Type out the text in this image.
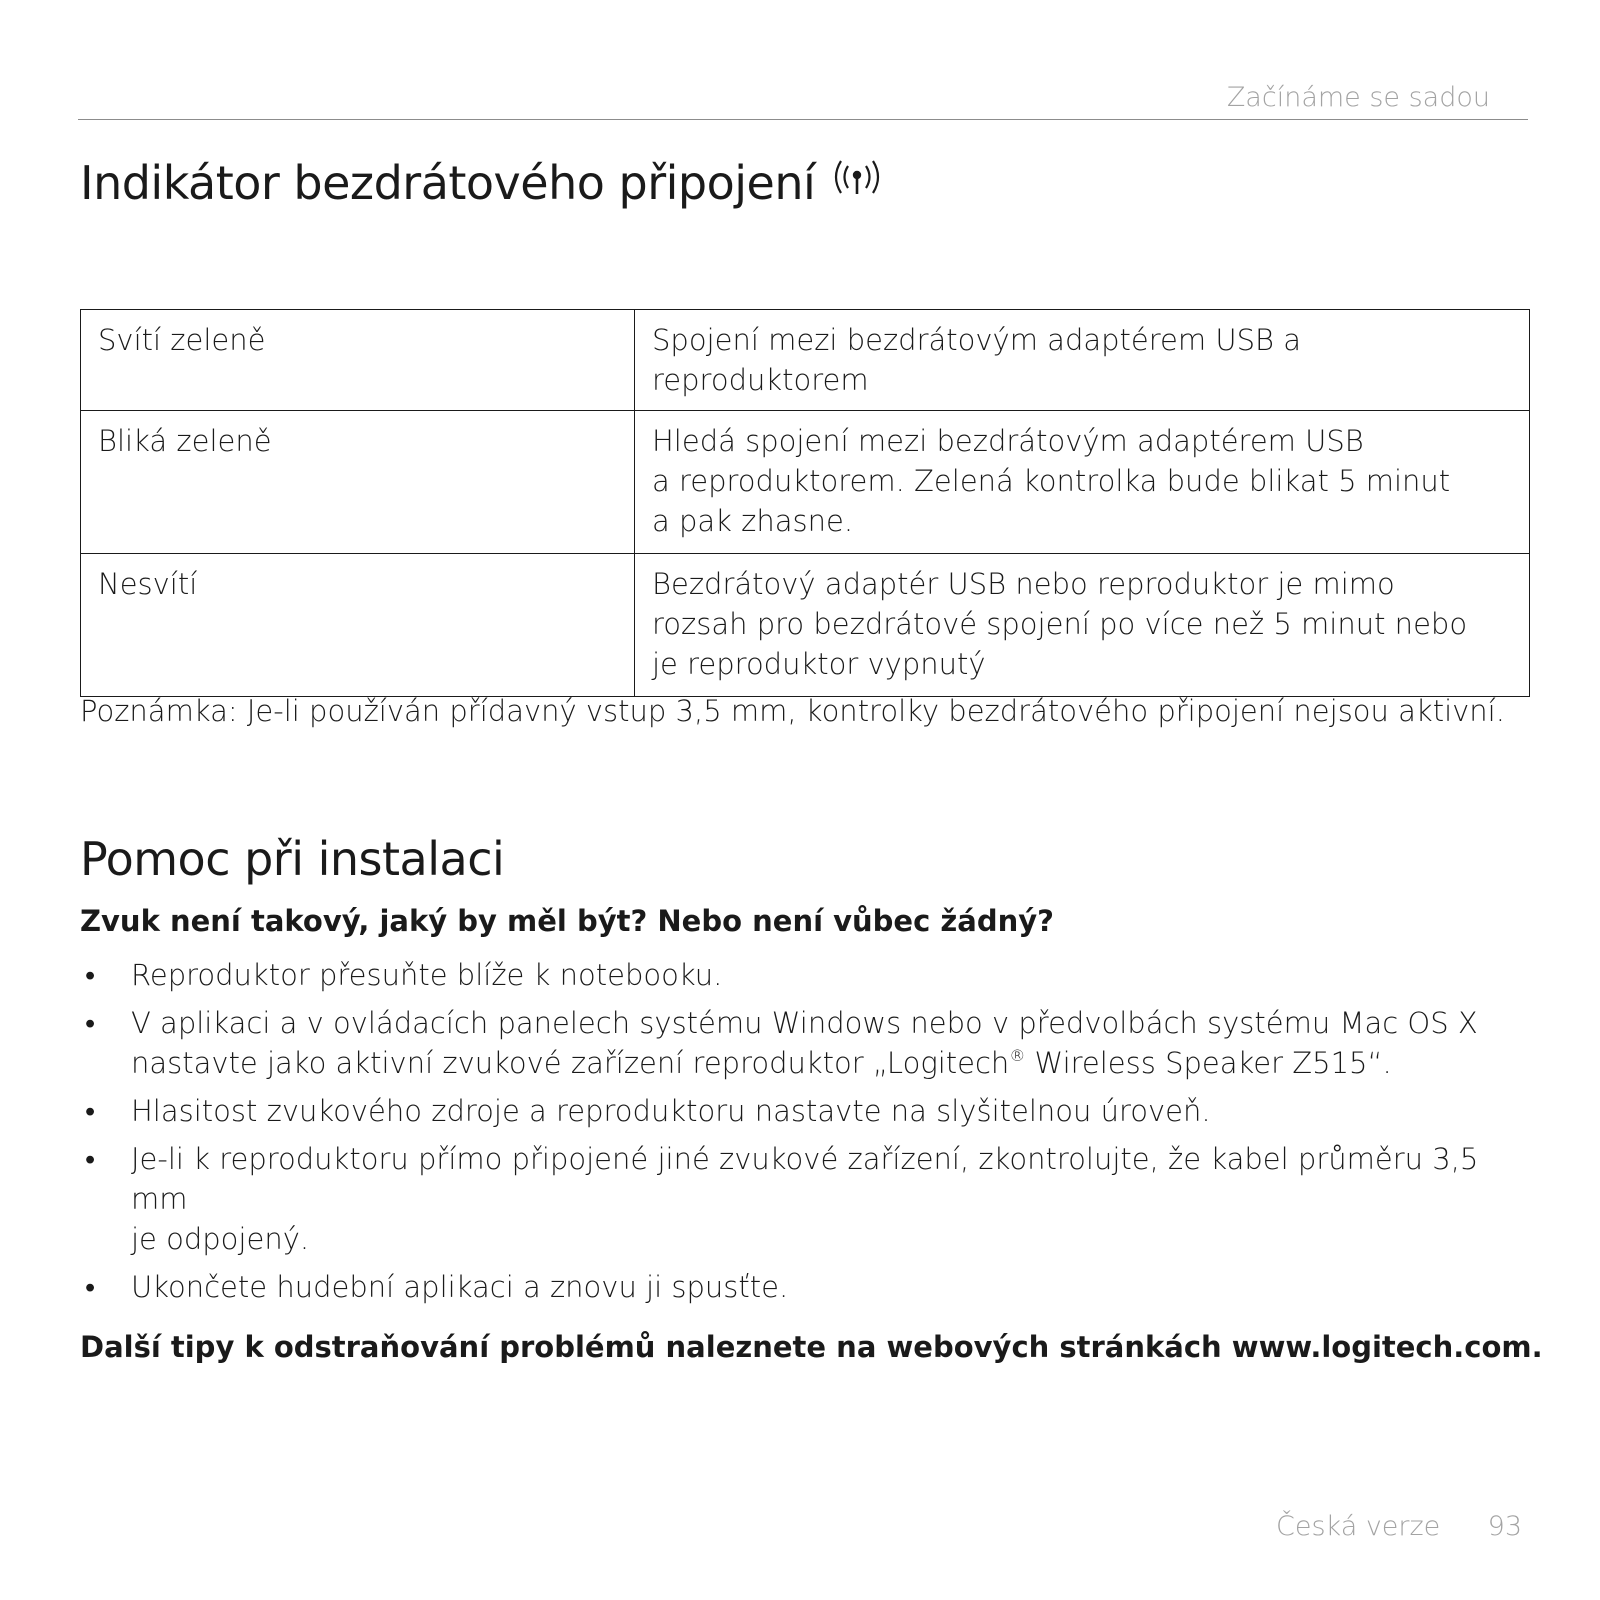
Začínáme se sadou
Indikátor bezdrátového připojení
Svítí zeleně	Spojení mezi bezdrátovým adaptérem USB a reproduktorem

Bliká zeleně	Hledá spojení mezi bezdrátovým adaptérem USB
a reproduktorem. Zelená kontrolka bude blikat 5 minut
a pak zhasne.

Nesvítí	Bezdrátový adaptér USB nebo reproduktor je mimo
rozsah pro bezdrátové spojení po více než 5 minut nebo
je reproduktor vypnutý
Poznámka: Je-li používán přídavný vstup 3,5 mm, kontrolky bezdrátového připojení nejsou aktivní.
Pomoc při instalaci
Zvuk není takový, jaký by měl být? Nebo není vůbec žádný?
• Reproduktor přesuňte blíže k notebooku.
• V aplikaci a v ovládacích panelech systému Windows nebo v předvolbách systému Mac OS X
nastavte jako aktivní zvukové zařízení reproduktor „Logitech® Wireless Speaker Z515“.
• Hlasitost zvukového zdroje a reproduktoru nastavte na slyšitelnou úroveň.
• Je-li k reproduktoru přímo připojené jiné zvukové zařízení, zkontrolujte, že kabel průměru 3,5 mm
je odpojený.
• Ukončete hudební aplikaci a znovu ji spusťte.
Další tipy k odstraňování problémů naleznete na webových stránkách www.logitech.com.
Česká verze 93
